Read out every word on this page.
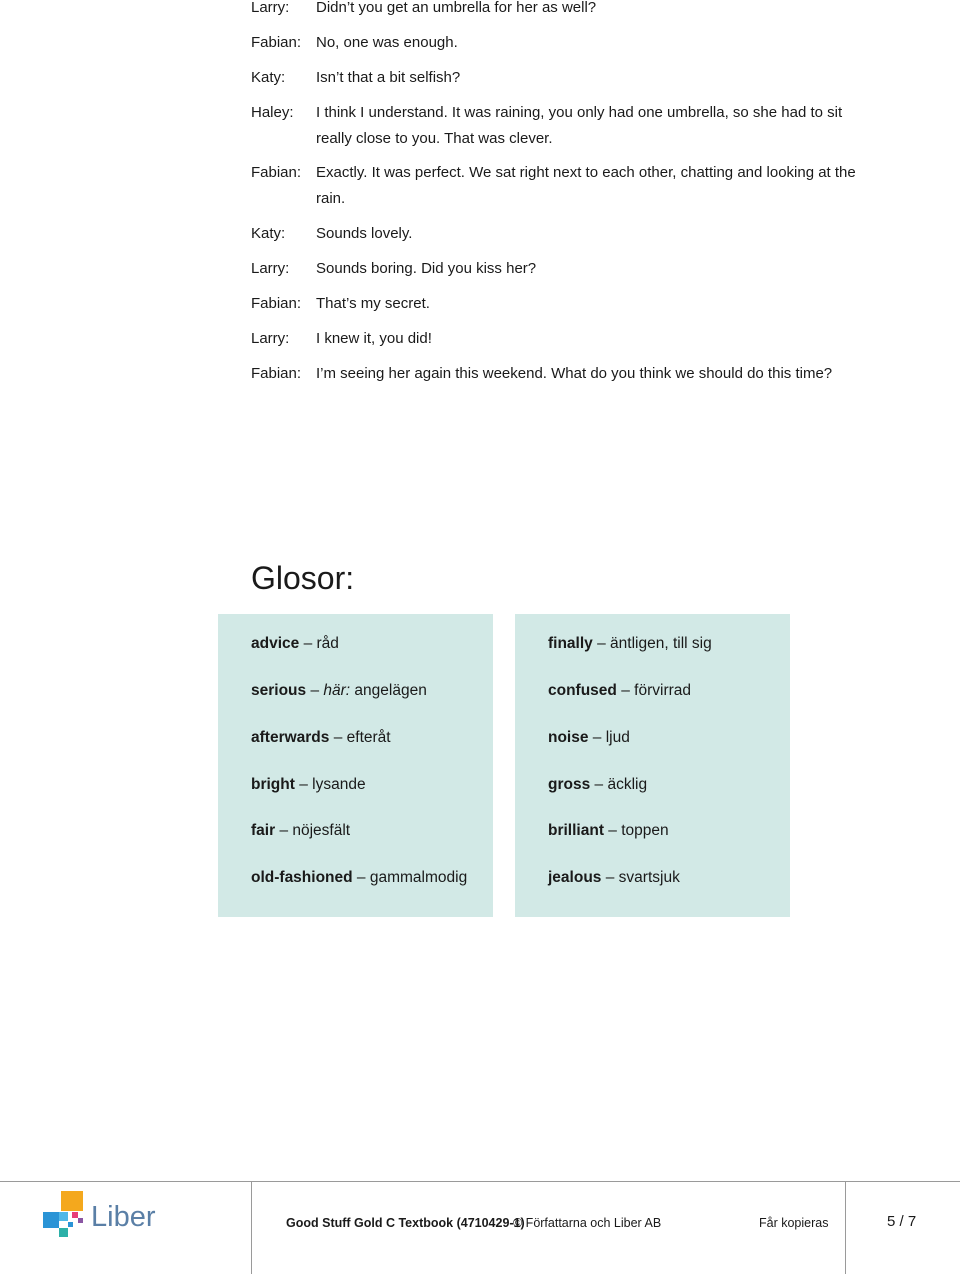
Larry:	Didn’t you get an umbrella for her as well?
Fabian: No, one was enough.
Katy:	Isn’t that a bit selfish?
Haley:	I think I understand. It was raining, you only had one umbrella, so she had to sit really close to you. That was clever.
Fabian: Exactly. It was perfect. We sat right next to each other, chatting and looking at the rain.
Katy:	Sounds lovely.
Larry:	Sounds boring. Did you kiss her?
Fabian: That’s my secret.
Larry:	I knew it, you did!
Fabian: I’m seeing her again this weekend. What do you think we should do this time?
Glosor:
advice – råd
serious – här: angelägen
afterwards – efteråt
bright – lysande
fair – nöjesfält
old-fashioned – gammalmodig
finally – äntligen, till sig
confused – förvirrad
noise – ljud
gross – äcklig
brilliant – toppen
jealous – svartsjuk
Liber	Good Stuff Gold C Textbook (4710429-1)
© Författarna och Liber AB	Får kopieras	5 / 7
